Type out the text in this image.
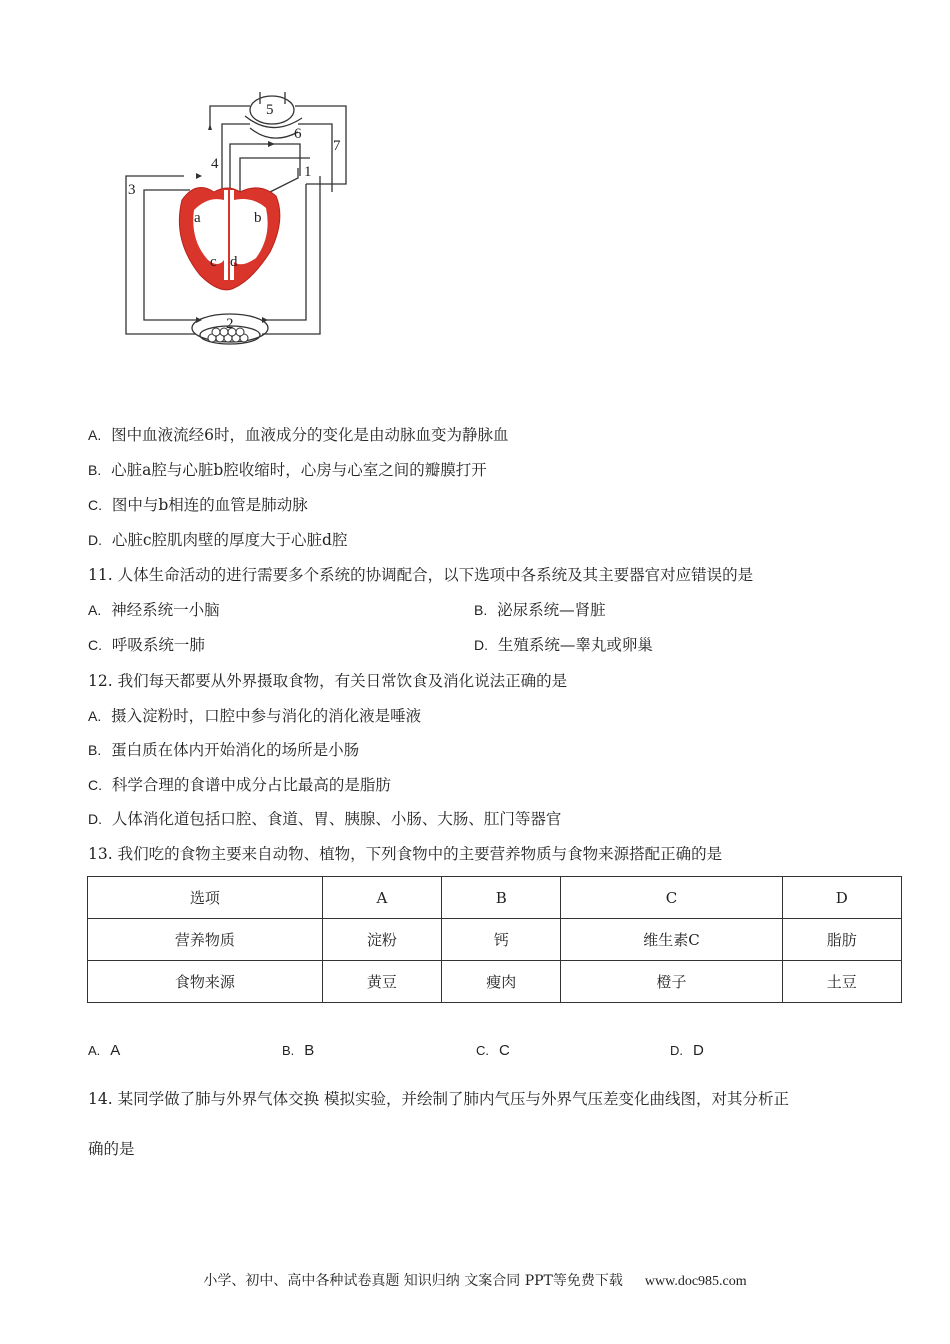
5
6
7
4	1
3
a	b
c d
2
A. 图中血液流经6时，血液成分的变化是由动脉血变为静脉血
B. 心脏a腔与心脏b腔收缩时，心房与心室之间的瓣膜打开
C. 图中与b相连的血管是肺动脉
D. 心脏c腔肌肉壁的厚度大于心脏d腔
11. 人体生命活动的进行需要多个系统的协调配合，以下选项中各系统及其主要器官对应错误的是
A. 神经系统一小脑	B. 泌尿系统—肾脏
C. 呼吸系统一肺	D. 生殖系统—睾丸或卵巢
12. 我们每天都要从外界摄取食物，有关日常饮食及消化说法正确的是
A. 摄入淀粉时，口腔中参与消化的消化液是唾液
B. 蛋白质在体内开始消化的场所是小肠
C. 科学合理的食谱中成分占比最高的是脂肪
D. 人体消化道包括口腔、食道、胃、胰腺、小肠、大肠、肛门等器官
13. 我们吃的食物主要来自动物、植物，下列食物中的主要营养物质与食物来源搭配正确的是
选项	A	B	C	D
营养物质	淀粉	钙	维生素C	脂肪
食物来源	黄豆	瘦肉	橙子	土豆
A. A	B. B	C. C	D. D
14. 某同学做了肺与外界气体交换 模拟实验，并绘制了肺内气压与外界气压差变化曲线图，对其分析正
确的是
小学、初中、高中各种试卷真题 知识归纳 文案合同 PPT等免费下载 www.doc985.com
